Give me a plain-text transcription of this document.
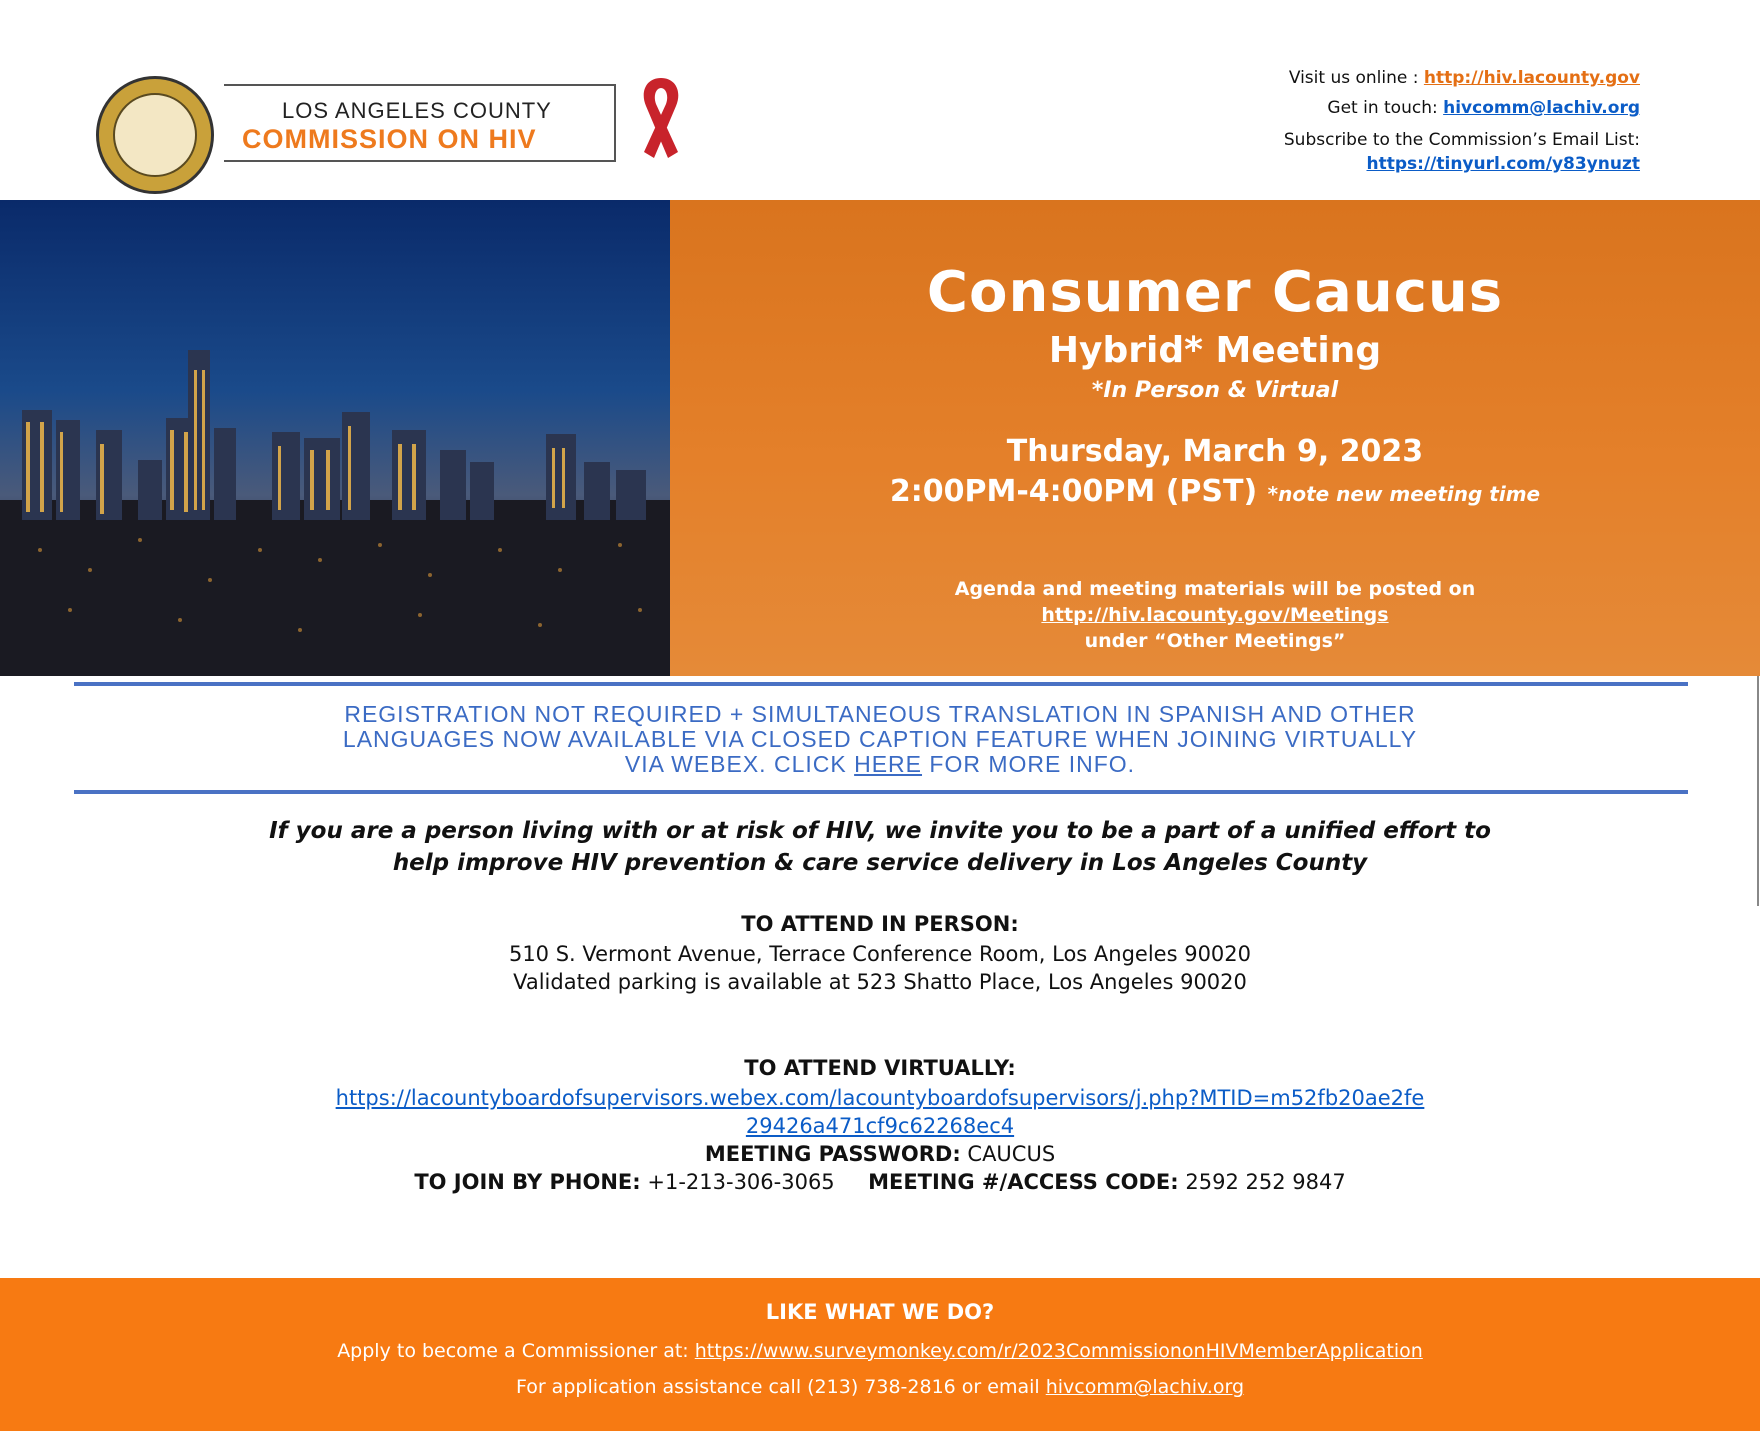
LOS ANGELES COUNTY
COMMISSION ON HIV
Visit us online : http://hiv.lacounty.gov
Get in touch: hivcomm@lachiv.org
Subscribe to the Commission’s Email List:
https://tinyurl.com/y83ynuzt
Consumer Caucus
Hybrid* Meeting
*In Person & Virtual
Thursday, March 9, 2023
2:00PM-4:00PM (PST) *note new meeting time
Agenda and meeting materials will be posted on
http://hiv.lacounty.gov/Meetings
under “Other Meetings”
REGISTRATION NOT REQUIRED + SIMULTANEOUS TRANSLATION IN SPANISH AND OTHER
LANGUAGES NOW AVAILABLE VIA CLOSED CAPTION FEATURE WHEN JOINING VIRTUALLY
VIA WEBEX. CLICK HERE FOR MORE INFO.
If you are a person living with or at risk of HIV, we invite you to be a part of a unified effort to
help improve HIV prevention & care service delivery in Los Angeles County
TO ATTEND IN PERSON:
510 S. Vermont Avenue, Terrace Conference Room, Los Angeles 90020
Validated parking is available at 523 Shatto Place, Los Angeles 90020
TO ATTEND VIRTUALLY:
https://lacountyboardofsupervisors.webex.com/lacountyboardofsupervisors/j.php?MTID=m52fb20ae2fe
29426a471cf9c62268ec4
MEETING PASSWORD: CAUCUS
TO JOIN BY PHONE: +1-213-306-3065 MEETING #/ACCESS CODE: 2592 252 9847
LIKE WHAT WE DO?
Apply to become a Commissioner at: https://www.surveymonkey.com/r/2023CommissiononHIVMemberApplication
For application assistance call (213) 738-2816 or email hivcomm@lachiv.org
